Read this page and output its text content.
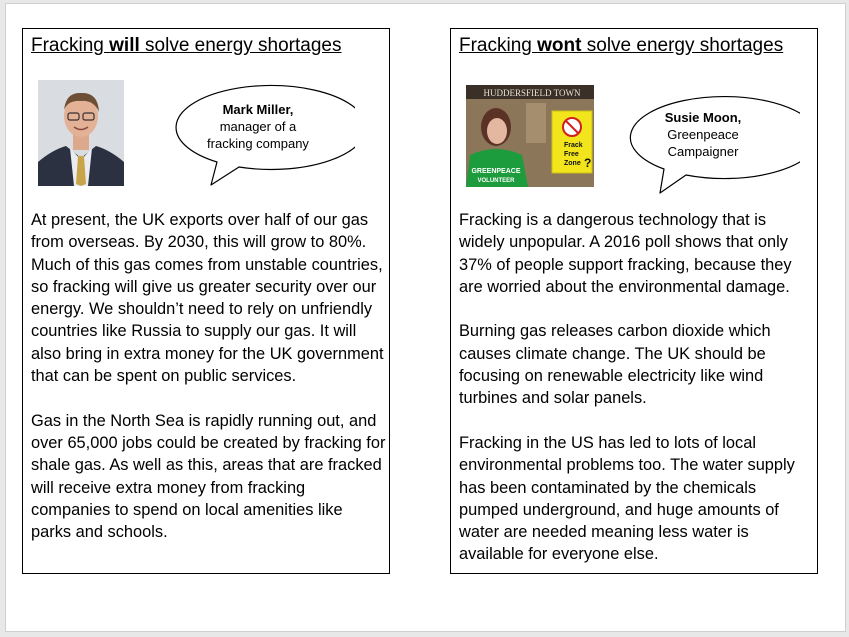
Fracking will solve energy shortages
Mark Miller,
manager of a
fracking company

At present, the UK exports over half of our gas from overseas. By 2030, this will grow to 80%. Much of this gas comes from unstable countries, so fracking will give us greater security over our energy. We shouldn’t need to rely on unfriendly countries like Russia to supply our gas. It will also bring in extra money for the UK government that can be spent on public services.

Gas in the North Sea is rapidly running out, and over 65,000 jobs could be created by fracking for shale gas. As well as this, areas that are fracked will receive extra money from fracking companies to spend on local amenities like parks and schools.

Fracking wont solve energy shortages
HUDDERSFIELD TOWN
GREENPEACE
VOLUNTEER
Frack
Free
Zone ?
Susie Moon,
Greenpeace
Campaigner

Fracking is a dangerous technology that is widely unpopular. A 2016 poll shows that only 37% of people support fracking, because they are worried about the environmental damage.

Burning gas releases carbon dioxide which causes climate change. The UK should be focusing on renewable electricity like wind turbines and solar panels.

Fracking in the US has led to lots of local environmental problems too. The water supply has been contaminated by the chemicals pumped underground, and huge amounts of water are needed meaning less water is available for everyone else.
